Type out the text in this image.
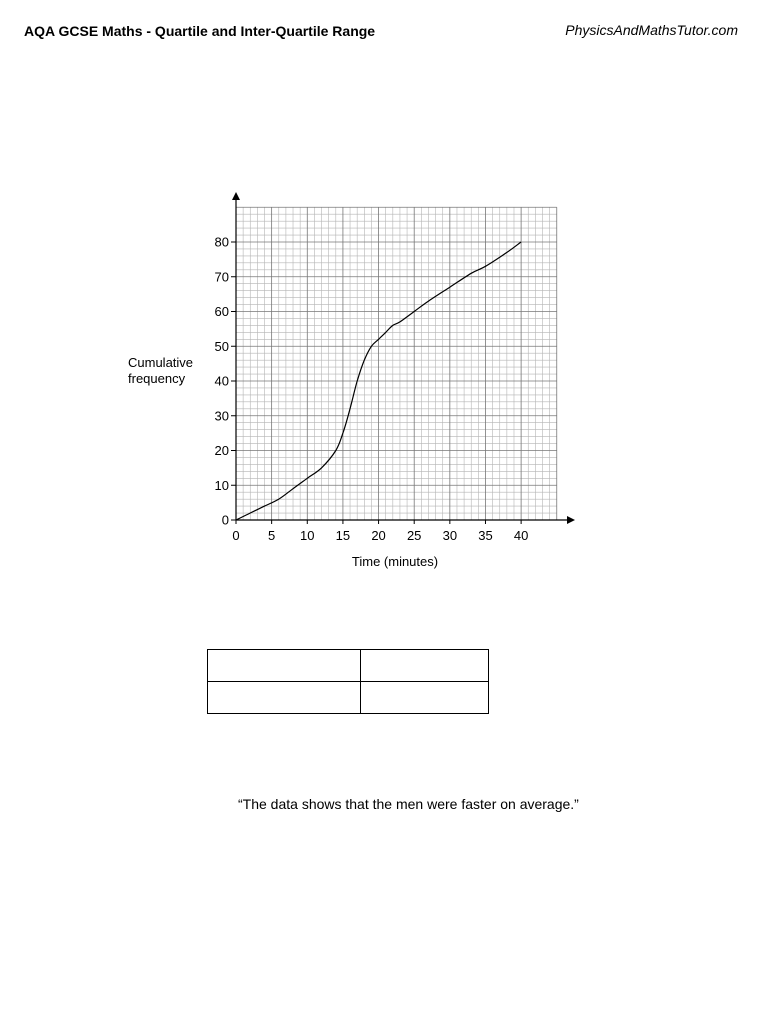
AQA GCSE Maths - Quartile and Inter-Quartile Range	PhysicsAndMathsTutor.com
0 5 10 15 20 25 30 35 40
0
10
20
30
40
50
60
70
80
Cumulative
frequency
Time (minutes)

“The data shows that the men were faster on average.”
